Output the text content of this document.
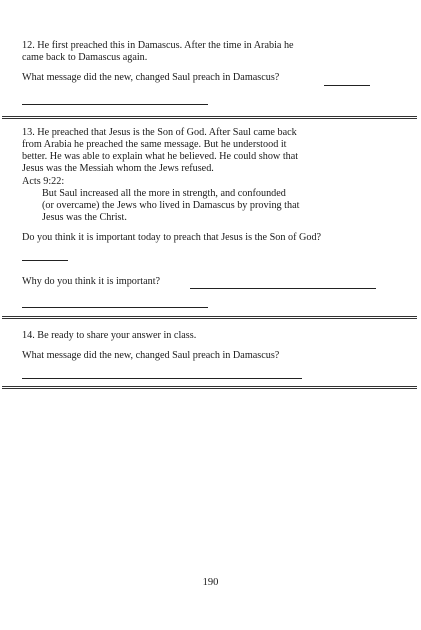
12. He first preached this in Damascus. After the time in Arabia he
came back to Damascus again.
What message did the new, changed Saul preach in Damascus?
13. He preached that Jesus is the Son of God. After Saul came back
from Arabia he preached the same message. But he understood it
better. He was able to explain what he believed. He could show that
Jesus was the Messiah whom the Jews refused.
Acts 9:22:
But Saul increased all the more in strength, and confounded
(or overcame) the Jews who lived in Damascus by proving that
Jesus was the Christ.
Do you think it is important today to preach that Jesus is the Son of God?
Why do you think it is important?
14. Be ready to share your answer in class.
What message did the new, changed Saul preach in Damascus?
190
